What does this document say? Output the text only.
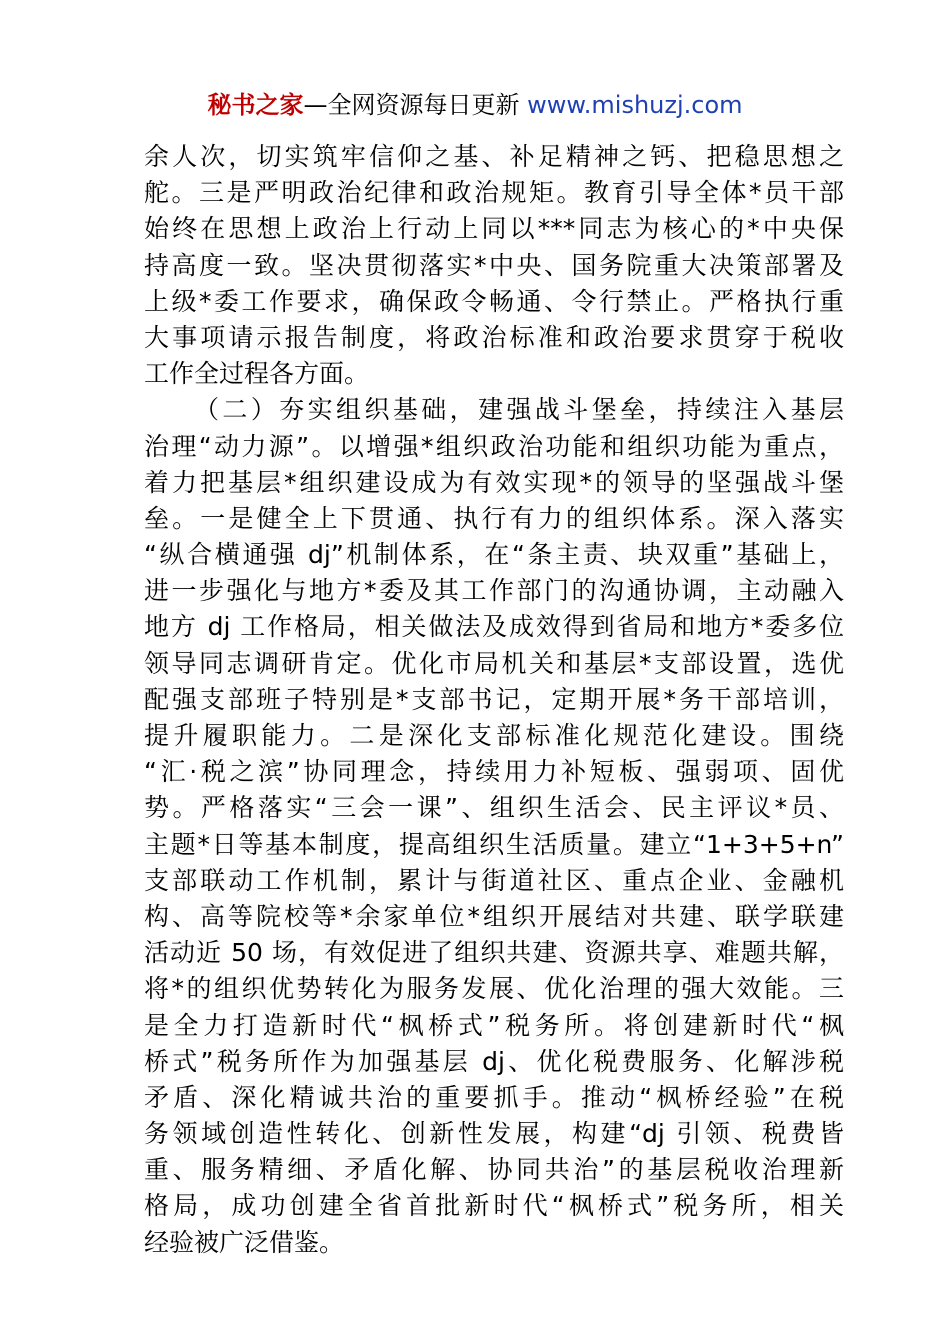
秘书之家—全网资源每日更新 www.mishuzj.com
余人次，切实筑牢信仰之基、补足精神之钙、把稳思想之
舵。三是严明政治纪律和政治规矩。教育引导全体*员干部
始终在思想上政治上行动上同以***同志为核心的*中央保
持高度一致。坚决贯彻落实*中央、国务院重大决策部署及
上级*委工作要求，确保政令畅通、令行禁止。严格执行重
大事项请示报告制度，将政治标准和政治要求贯穿于税收
工作全过程各方面。
（二）夯实组织基础，建强战斗堡垒，持续注入基层
治理“动力源”。以增强*组织政治功能和组织功能为重点，
着力把基层*组织建设成为有效实现*的领导的坚强战斗堡
垒。一是健全上下贯通、执行有力的组织体系。深入落实
“纵合横通强 dj”机制体系，在“条主责、块双重”基础上，
进一步强化与地方*委及其工作部门的沟通协调，主动融入
地方 dj 工作格局，相关做法及成效得到省局和地方*委多位
领导同志调研肯定。优化市局机关和基层*支部设置，选优
配强支部班子特别是*支部书记，定期开展*务干部培训，
提升履职能力。二是深化支部标准化规范化建设。围绕
“汇·税之滨”协同理念，持续用力补短板、强弱项、固优
势。严格落实“三会一课”、组织生活会、民主评议*员、
主题*日等基本制度，提高组织生活质量。建立“1+3+5+n”
支部联动工作机制，累计与街道社区、重点企业、金融机
构、高等院校等*余家单位*组织开展结对共建、联学联建
活动近 50 场，有效促进了组织共建、资源共享、难题共解，
将*的组织优势转化为服务发展、优化治理的强大效能。三
是全力打造新时代“枫桥式”税务所。将创建新时代“枫
桥式”税务所作为加强基层 dj、优化税费服务、化解涉税
矛盾、深化精诚共治的重要抓手。推动“枫桥经验”在税
务领域创造性转化、创新性发展，构建“dj 引领、税费皆
重、服务精细、矛盾化解、协同共治”的基层税收治理新
格局，成功创建全省首批新时代“枫桥式”税务所，相关
经验被广泛借鉴。
